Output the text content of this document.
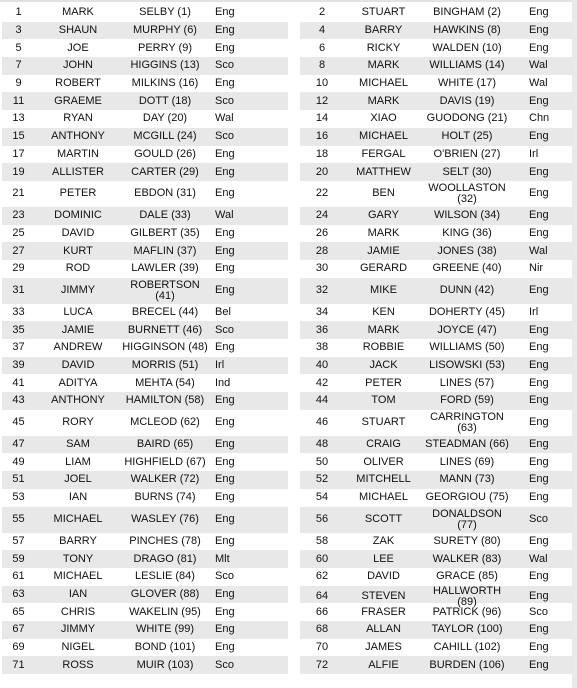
1	MARK	SELBY (1)	Eng
3	SHAUN	MURPHY (6)	Eng
5	JOE	PERRY (9)	Eng
7	JOHN	HIGGINS (13)	Sco
9	ROBERT	MILKINS (16)	Eng
11	GRAEME	DOTT (18)	Sco
13	RYAN	DAY (20)	Wal
15	ANTHONY	MCGILL (24)	Sco
17	MARTIN	GOULD (26)	Eng
19	ALLISTER	CARTER (29)	Eng
21	PETER	EBDON (31)	Eng
23	DOMINIC	DALE (33)	Wal
25	DAVID	GILBERT (35)	Eng
27	KURT	MAFLIN (37)	Eng
29	ROD	LAWLER (39)	Eng
31	JIMMY	ROBERTSON (41)	Eng
33	LUCA	BRECEL (44)	Bel
35	JAMIE	BURNETT (46)	Sco
37	ANDREW	HIGGINSON (48) Eng
39	DAVID	MORRIS (51)	Irl
41	ADITYA	MEHTA (54)	Ind
43	ANTHONY	HAMILTON (58) Eng
45	RORY	MCLEOD (62)	Eng
47	SAM	BAIRD (65)	Eng
49	LIAM	HIGHFIELD (67) Eng
51	JOEL	WALKER (72)	Eng
53	IAN	BURNS (74)	Eng
55	MICHAEL	WASLEY (76)	Eng
57	BARRY	PINCHES (78)	Eng
59	TONY	DRAGO (81)	Mlt
61	MICHAEL	LESLIE (84)	Sco
63	IAN	GLOVER (88)	Eng
65	CHRIS	WAKELIN (95)	Eng
67	JIMMY	WHITE (99)	Eng
69	NIGEL	BOND (101)	Eng
71	ROSS	MUIR (103)	Sco
2	STUART	BINGHAM (2)	Eng
4	BARRY	HAWKINS (8)	Eng
6	RICKY	WALDEN (10)	Eng
8	MARK	WILLIAMS (14)	Wal
10	MICHAEL	WHITE (17)	Wal
12	MARK	DAVIS (19)	Eng
14	XIAO	GUODONG (21)	Chn
16	MICHAEL	HOLT (25)	Eng
18	FERGAL	O'BRIEN (27)	Irl
20	MATTHEW	SELT (30)	Eng
22	BEN	WOOLLASTON (32)	Eng
24	GARY	WILSON (34)	Eng
26	MARK	KING (36)	Eng
28	JAMIE	JONES (38)	Wal
30	GERARD	GREENE (40)	Nir
32	MIKE	DUNN (42)	Eng
34	KEN	DOHERTY (45)	Irl
36	MARK	JOYCE (47)	Eng
38	ROBBIE	WILLIAMS (50)	Eng
40	JACK	LISOWSKI (53)	Eng
42	PETER	LINES (57)	Eng
44	TOM	FORD (59)	Eng
46	STUART	CARRINGTON (63)	Eng
48	CRAIG	STEADMAN (66)	Eng
50	OLIVER	LINES (69)	Eng
52	MITCHELL	MANN (73)	Eng
54	MICHAEL	GEORGIOU (75)	Eng
56	SCOTT	DONALDSON (77)	Sco
58	ZAK	SURETY (80)	Eng
60	LEE	WALKER (83)	Wal
62	DAVID	GRACE (85)	Eng
64	STEVEN	HALLWORTH (89)	Eng
66	FRASER	PATRICK (96)	Sco
68	ALLAN	TAYLOR (100)	Eng
70	JAMES	CAHILL (102)	Eng
72	ALFIE	BURDEN (106)	Eng
